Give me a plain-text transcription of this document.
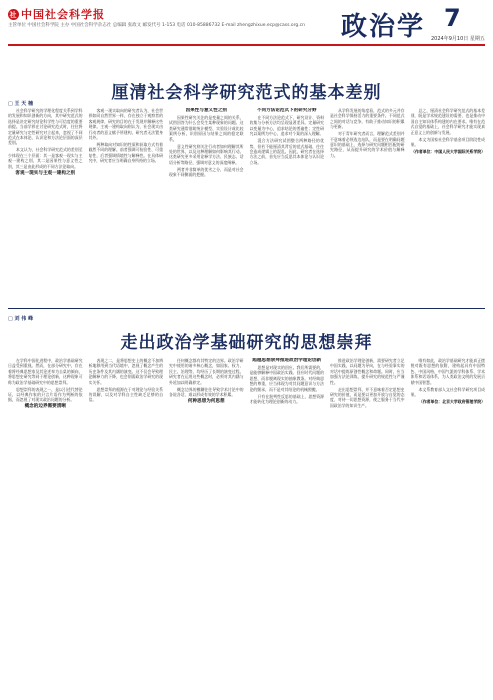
社 中国社会科学报
主管单位 中国社会科学院 主办 中国社会科学杂志社 总编辑 张政文 邮发代号 1-153 电话 010-85886732 E-mail zhengzhixue.ecp@cass.org.cn 政治学 7
2024年9月10日 星期五
厘清社会科学研究范式的基本差别
□ 王 天 楠

社会科学研究的学理化程度关系到学科的发展和知识创新的方向，其中研究范式的选择是决定研究结论科学性与可信度的重要前提。当前学界在讨论研究范式时，往往将定量研究与定性研究对立起来，忽视了不同范式在本体论、认识论和方法论层面的深层差别。

本文认为，社会科学研究范式的差别至少体现在三个层面：其一是客观一现实与主观一建构之别，其二是因果性与意义性之别，其三是由此形成的不同方法论取向。

客观一现实与主观一建构之别

客观一现实取向的研究者认为，社会世界如同自然世界一样，存在独立于观察者的客观规律，研究的目的在于发现并解释这些规律。主观一建构取向则认为，社会现实由行动者的意义赋予所建构，研究者无法置身其外。

两种取向对知识的性质和获取方式有着截然不同的理解。前者强调可检验性、可重复性，后者强调情境性与解释性。在具体研究中，研究者应当明确自身所持的立场。

因果性与意义性之别

因果性研究关注的是变量之间的关系，试图回答为什么会发生某种现象的问题。这类研究通常借助统计模型、实验设计或比较案例分析，识别原因与结果之间的稳定联系。

意义性研究则关注行动者如何理解其所处的世界，以及这种理解如何影响其行动。这类研究更多采用诠释学方法、民族志、话语分析等路径，强调对意义的深度阐释。

两者并非简单的优劣之分，而是对社会现象不同侧面的把握。

不同方法论范式下的研究分野

在不同方法论范式下，研究设计、资料收集与分析方法均呈现显著差异。定量研究以变量为中心，追求结论的普遍性；定性研究以案例为中心，追求对个案的深入理解。

混合方法研究试图整合两种路径的优势，但若不能厘清其背后的范式基础，往往会造成逻辑上的混乱。因此，研究者在选择方法之前，首先应当反思其本体论与认识论立场。

从学科发展的角度看，范式的多元并存是社会科学保持活力的重要条件。不同范式之间的对话与竞争，有助于推动知识的积累与更新。

对于青年研究者而言，理解范式差别并不意味着必须选边站队，而是要在明确问题意识的基础上，选择与研究问题相匹配的研究路径，从而提升研究的学术价值与解释力。

总之，厘清社会科学研究范式的基本差别，既是学术规范建设的需要，也是推动中国自主知识体系构建的内在要求。唯有在范式自觉的基础上，社会科学研究才能实现真正意义上的创新与发展。

本文为国家社会科学基金项目阶段性成果。

（作者单位：中国人民大学国际关系学院）

走出政治学基础研究的思想崇拜
□ 刘 伟 峰

在学科中国化进程中，政治学基础研究日益受到重视。然而，在部分研究中，存在着将经典思想家及其论述奉为圭臬的倾向，将思想史研究等同于理论创新，这种现象可称为政治学基础研究中的思想崇拜。

思想崇拜的表现之一，是以引述代替论证，以经典作家的只言片语作为判断的依据，而忽视了对现实政治问题的分析。

概念的边界需要清晰

表现之二，是将思想史上的概念不加辨析地移用到当代语境中，忽视了概念产生的历史条件及其内涵的演变。这不仅会导致理论解释力的下降，也会削弱政治学研究的现实关怀。

思想崇拜的根源在于对理论与经验关系的误解，以及对学科自主性缺乏足够的自信。

任何概念都有其特定的边界。政治学研究中使用的诸多核心概念，如国家、权力、民主、治理等，均经历了长期的演变过程。研究者在运用这些概念时，必须对其内涵与外延加以明确界定。

概念边界的模糊往往导致学术讨论中的各说各话，难以形成有效的学术积累。

何种思想为何思想

超越思想崇拜推进政治学理论创新

思想是对现实的回应。我们所需要的，是能够解释中国政治实践、回应时代问题的思想，而非脱离现实的抽象教条。对经典思想的尊重，应当体现为对其问题意识与方法论的继承，而不是对其结论的机械照搬。

只有在批判性反思的基础上，思想资源才能转化为理论创新的动力。

推进政治学理论创新，需要研究者立足中国实践，以问题为导向，在与经验事实的对话中提炼原创性概念和命题。同时，应当加强方法论训练，提升研究的规范性与严谨性。

走出思想崇拜，并不意味着否定思想史研究的价值，而是要以更加开放与自觉的态度，对待一切思想资源，使之服务于当代中国政治学的知识生产。

唯有如此，政治学基础研究才能真正摆脱对既有思想的依附，建构起具有中国特色、中国风格、中国气派的学科体系、学术体系和话语体系，为人类政治文明的发展贡献中国智慧。

本文系教育部人文社会科学研究项目成果。

（作者单位：北京大学政府管理学院）
